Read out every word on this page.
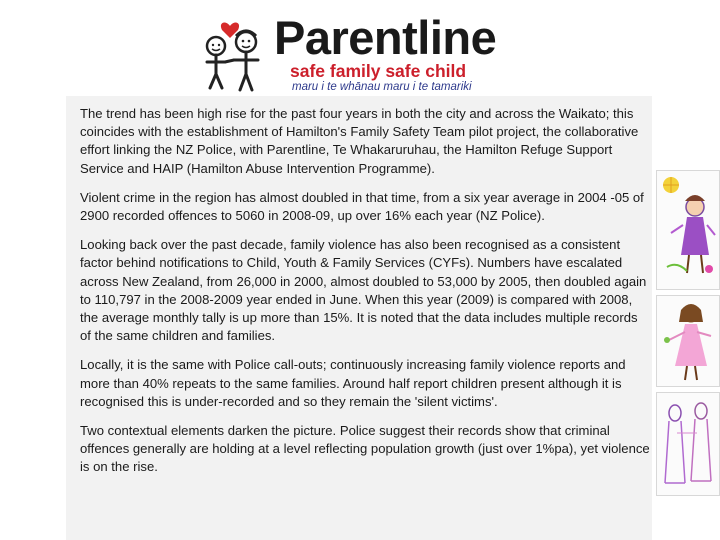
Parentline
safe family safe child
maru i te whānau maru i te tamariki

The trend has been high rise for the past four years in both the city and across the Waikato; this coincides with the establishment of Hamilton's Family Safety Team pilot project, the collaborative effort linking the NZ Police, with Parentline, Te Whakaruruhau, the Hamilton Refuge Support Service and HAIP (Hamilton Abuse Intervention Programme).

Violent crime in the region has almost doubled in that time, from a six year average in 2004 -05 of 2900 recorded offences to 5060 in 2008-09, up over 16% each year (NZ Police).

Looking back over the past decade, family violence has also been recognised as a consistent factor behind notifications to Child, Youth & Family Services (CYFs). Numbers have escalated across New Zealand, from 26,000 in 2000, almost doubled to 53,000 by 2005, then doubled again to 110,797 in the 2008-2009 year ended in June. When this year (2009) is compared with 2008, the average monthly tally is up more than 15%. It is noted that the data includes multiple records of the same children and families.

Locally, it is the same with Police call-outs; continuously increasing family violence reports and more than 40% repeats to the same families. Around half report children present although it is recognised this is under-recorded and so they remain the 'silent victims'.

Two contextual elements darken the picture. Police suggest their records show that criminal offences generally are holding at a level reflecting population growth (just over 1%pa), yet violence is on the rise.
